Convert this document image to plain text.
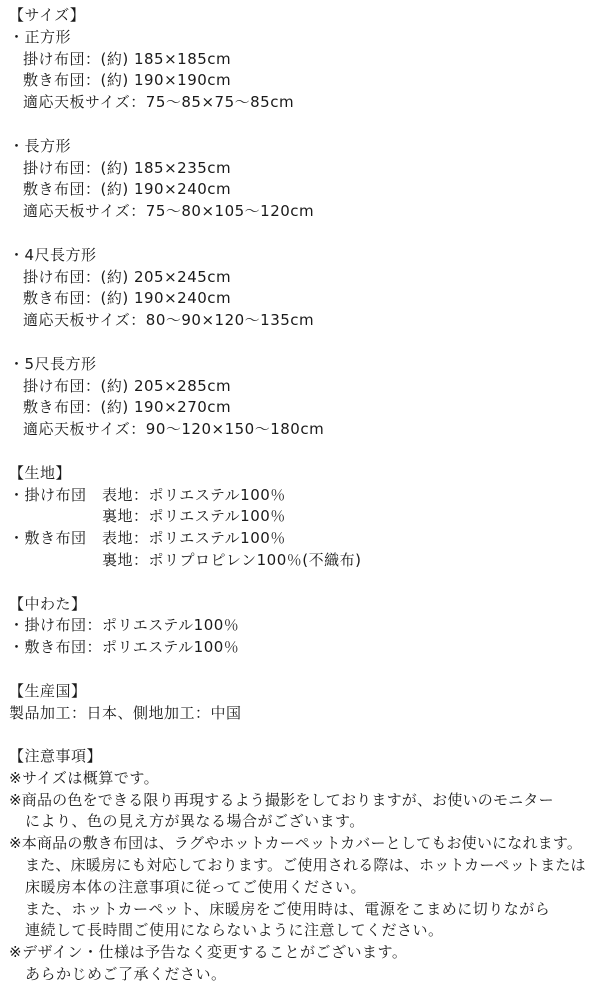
【サイズ】
・正方形
掛け布団：(約) 185×185cm
敷き布団：(約) 190×190cm
適応天板サイズ：75～85×75～85cm
・長方形
掛け布団：(約) 185×235cm
敷き布団：(約) 190×240cm
適応天板サイズ：75～80×105～120cm
・4尺長方形
掛け布団：(約) 205×245cm
敷き布団：(約) 190×240cm
適応天板サイズ：80～90×120～135cm
・5尺長方形
掛け布団：(約) 205×285cm
敷き布団：(約) 190×270cm
適応天板サイズ：90～120×150～180cm
【生地】
・掛け布団　表地：ポリエステル100％
　　　　　　裏地：ポリエステル100％
・敷き布団　表地：ポリエステル100％
　　　　　　裏地：ポリプロピレン100％(不織布)
【中わた】
・掛け布団：ポリエステル100％
・敷き布団：ポリエステル100％
【生産国】
製品加工：日本、側地加工：中国
【注意事項】
※サイズは概算です。
※商品の色をできる限り再現するよう撮影をしておりますが、お使いのモニター
により、色の見え方が異なる場合がございます。
※本商品の敷き布団は、ラグやホットカーペットカバーとしてもお使いになれます。
また、床暖房にも対応しております。ご使用される際は、ホットカーペットまたは
床暖房本体の注意事項に従ってご使用ください。
また、ホットカーペット、床暖房をご使用時は、電源をこまめに切りながら
連続して長時間ご使用にならないように注意してください。
※デザイン・仕様は予告なく変更することがございます。
あらかじめご了承ください。
